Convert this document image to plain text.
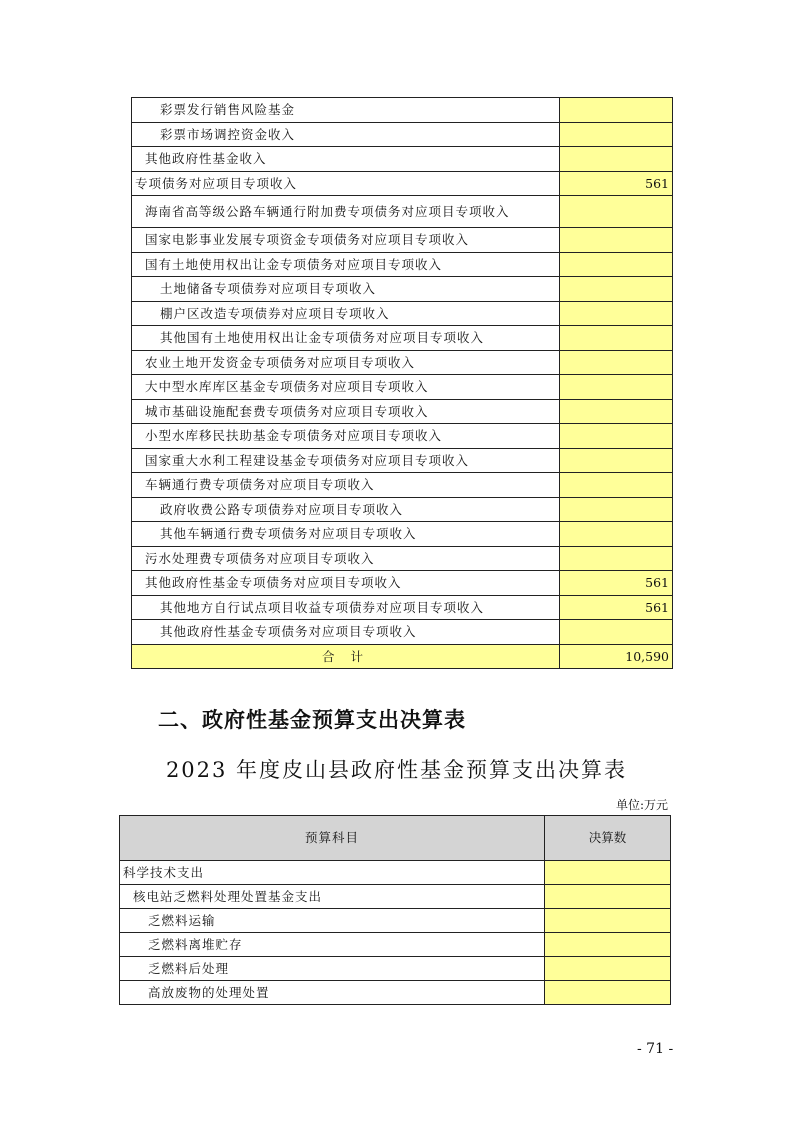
彩票发行销售风险基金	
彩票市场调控资金收入	
其他政府性基金收入	
专项债务对应项目专项收入	561
海南省高等级公路车辆通行附加费专项债务对应项目专项收入	
国家电影事业发展专项资金专项债务对应项目专项收入	
国有土地使用权出让金专项债务对应项目专项收入	
土地储备专项债券对应项目专项收入	
棚户区改造专项债券对应项目专项收入	
其他国有土地使用权出让金专项债务对应项目专项收入	
农业土地开发资金专项债务对应项目专项收入	
大中型水库库区基金专项债务对应项目专项收入	
城市基础设施配套费专项债务对应项目专项收入	
小型水库移民扶助基金专项债务对应项目专项收入	
国家重大水利工程建设基金专项债务对应项目专项收入	
车辆通行费专项债务对应项目专项收入	
政府收费公路专项债券对应项目专项收入	
其他车辆通行费专项债务对应项目专项收入	
污水处理费专项债务对应项目专项收入	
其他政府性基金专项债务对应项目专项收入	561
其他地方自行试点项目收益专项债券对应项目专项收入	561
其他政府性基金专项债务对应项目专项收入	
合 计	10,590
二、政府性基金预算支出决算表
2023 年度皮山县政府性基金预算支出决算表
单位:万元
预算科目	决算数
科学技术支出	
核电站乏燃料处理处置基金支出	
乏燃料运输	
乏燃料离堆贮存	
乏燃料后处理	
高放废物的处理处置	
- 71 -
